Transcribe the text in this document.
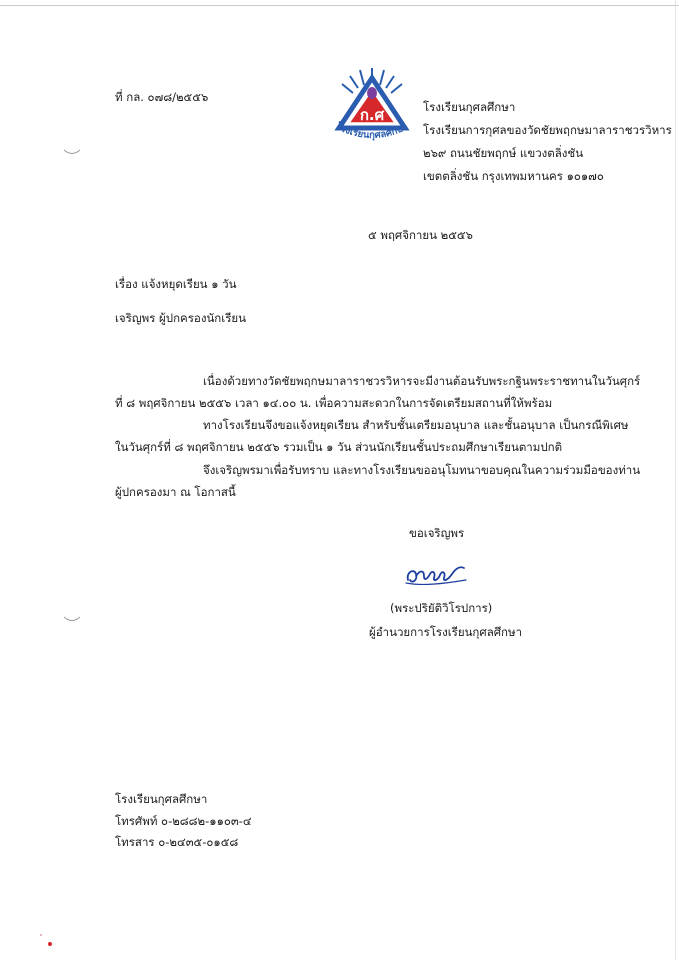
ที่ กล. ๐๗๘/๒๕๕๖
ก.ศ
โรงเรียนกุศลศึกษา
โรงเรียนกุศลศึกษา
โรงเรียนการกุศลของวัดชัยพฤกษมาลาราชวรวิหาร
๒๖๙ ถนนชัยพฤกษ์ แขวงตลิ่งชัน
เขตตลิ่งชัน กรุงเทพมหานคร ๑๐๑๗๐
๕ พฤศจิกายน ๒๕๕๖
เรื่อง แจ้งหยุดเรียน ๑ วัน
เจริญพร ผู้ปกครองนักเรียน
เนื่องด้วยทางวัดชัยพฤกษมาลาราชวรวิหารจะมีงานต้อนรับพระกฐินพระราชทานในวันศุกร์
ที่ ๘ พฤศจิกายน ๒๕๕๖ เวลา ๑๔.๐๐ น. เพื่อความสะดวกในการจัดเตรียมสถานที่ให้พร้อม
ทางโรงเรียนจึงขอแจ้งหยุดเรียน สำหรับชั้นเตรียมอนุบาล และชั้นอนุบาล เป็นกรณีพิเศษ
ในวันศุกร์ที่ ๘ พฤศจิกายน ๒๕๕๖ รวมเป็น ๑ วัน ส่วนนักเรียนชั้นประถมศึกษาเรียนตามปกติ
จึงเจริญพรมาเพื่อรับทราบ และทางโรงเรียนขออนุโมทนาขอบคุณในความร่วมมือของท่าน
ผู้ปกครองมา ณ โอกาสนี้
ขอเจริญพร
(พระปริยัติวิโรปการ)
ผู้อำนวยการโรงเรียนกุศลศึกษา
โรงเรียนกุศลศึกษา
โทรศัพท์ ๐-๒๘๘๒-๑๑๐๓-๔
โทรสาร ๐-๒๔๓๕-๐๑๕๘
